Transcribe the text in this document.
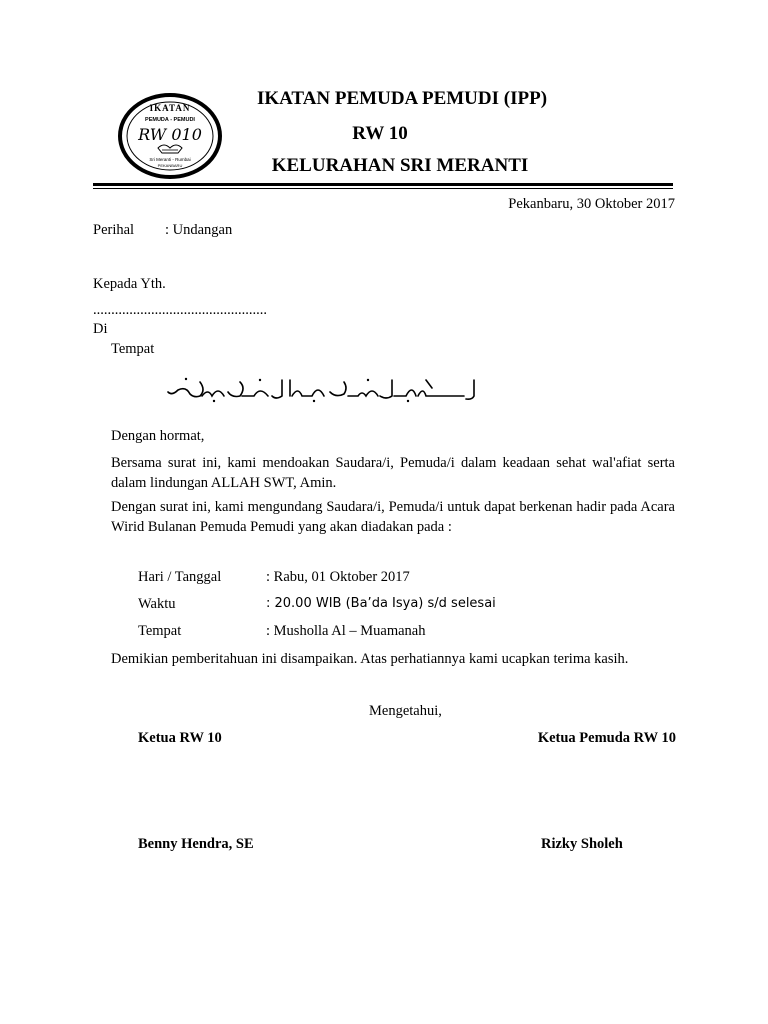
IKATAN
PEMUDA - PEMUDI
RW 010
Sri Meranti - Rumbai
PEKANBARU
IKATAN PEMUDA PEMUDI (IPP)
RW 10
KELURAHAN SRI MERANTI
Pekanbaru, 30 Oktober 2017
Perihal : Undangan
Kepada Yth.
................................................
Di
Tempat
Dengan hormat,
Bersama surat ini, kami mendoakan Saudara/i, Pemuda/i dalam keadaan sehat wal'afiat serta dalam lindungan ALLAH SWT, Amin.
Dengan surat ini, kami mengundang Saudara/i, Pemuda/i untuk dapat berkenan hadir pada Acara Wirid Bulanan Pemuda Pemudi yang akan diadakan pada :
Hari / Tanggal	: Rabu, 01 Oktober 2017
Waktu	: 20.00 WIB (Ba’da Isya) s/d selesai
Tempat	: Musholla Al – Muamanah
Demikian pemberitahuan ini disampaikan. Atas perhatiannya kami ucapkan terima kasih.
Mengetahui,
Ketua RW 10	Ketua Pemuda RW 10
Benny Hendra, SE	Rizky Sholeh
